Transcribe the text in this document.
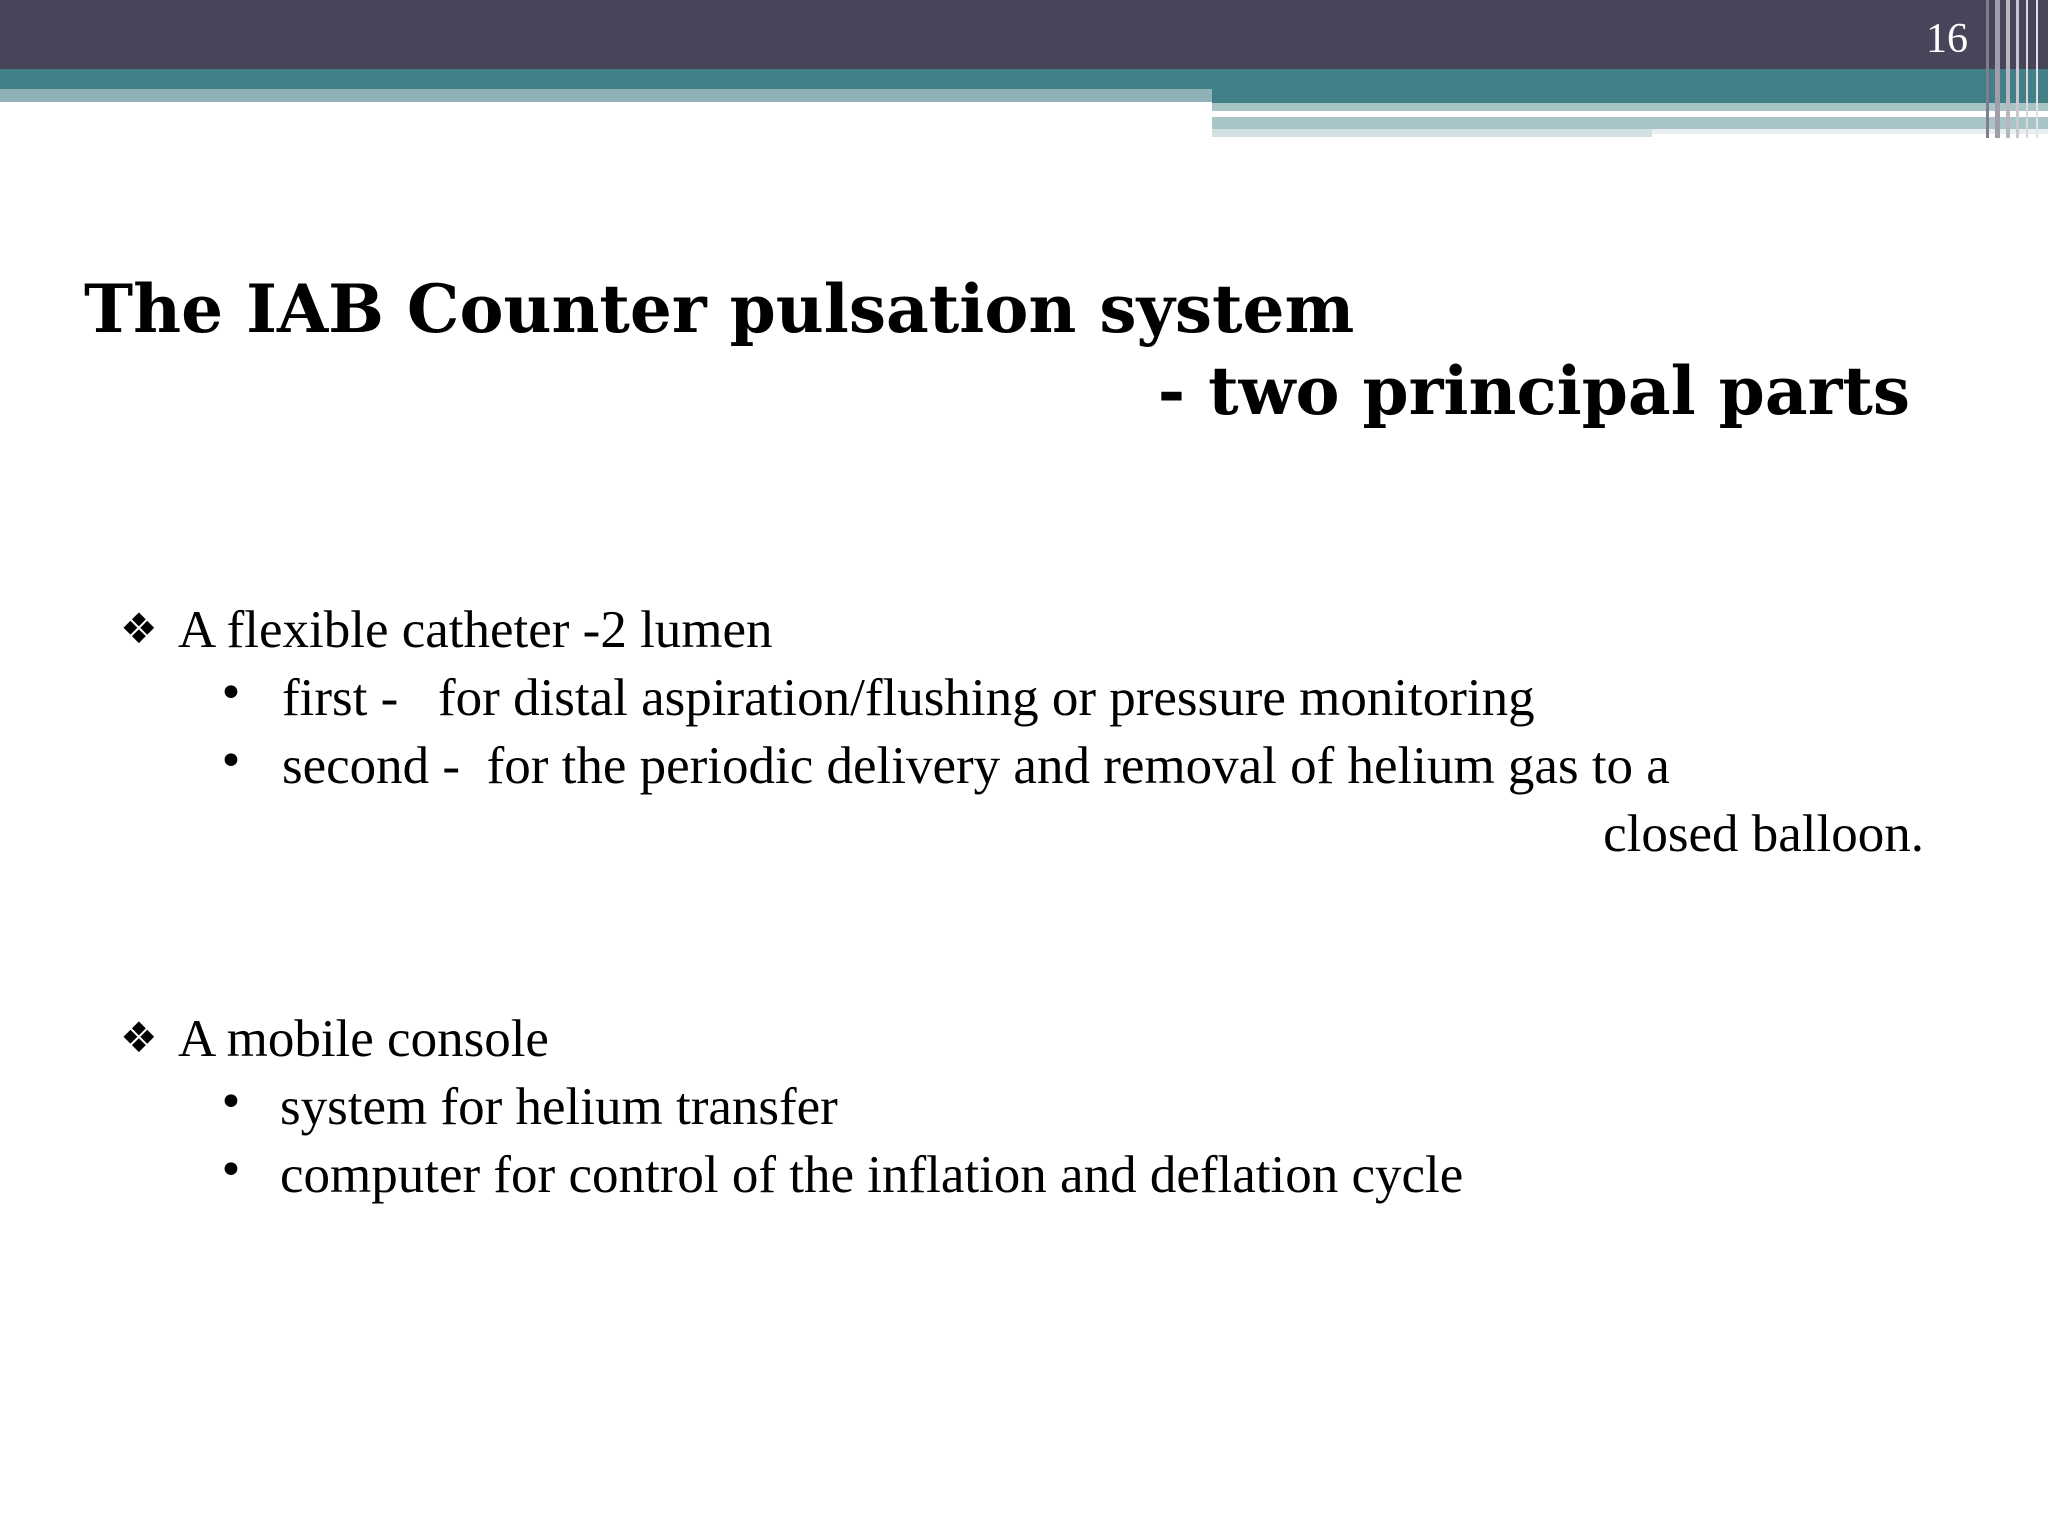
16
The IAB Counter pulsation system
- two principal parts
❖ A flexible catheter -2 lumen
• first -   for distal aspiration/flushing or pressure monitoring
• second -  for the periodic delivery and removal of helium gas to a
closed balloon.
❖ A mobile console
• system for helium transfer
• computer for control of the inflation and deflation cycle
